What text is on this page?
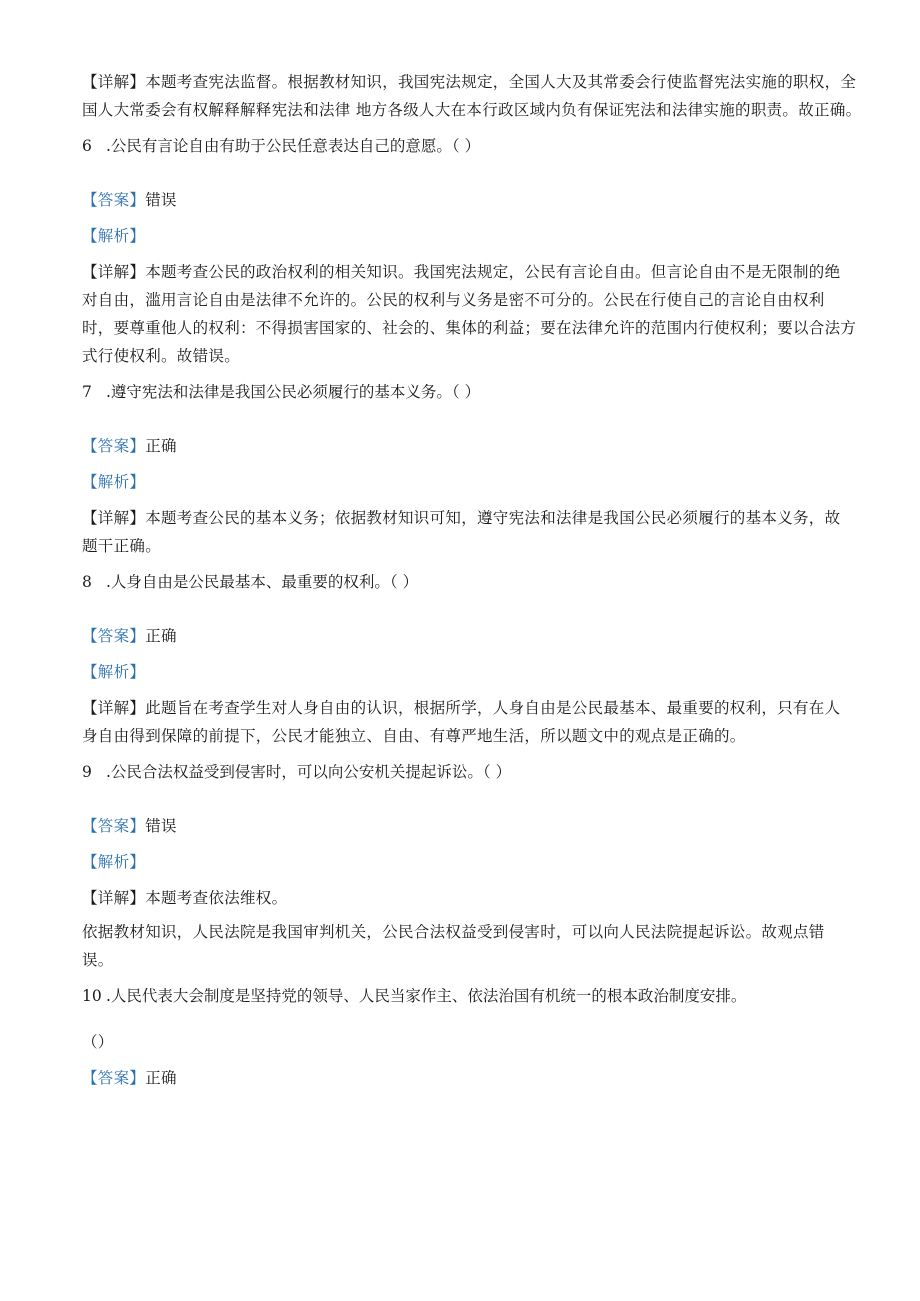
【详解】本题考查宪法监督。根据教材知识，我国宪法规定，全国人大及其常委会行使监督宪法实施的职权，全
国人大常委会有权解释解释宪法和法律 地方各级人大在本行政区域内负有保证宪法和法律实施的职责。故正确。
6 .公民有言论自由有助于公民任意表达自己的意愿。（ ）
【答案】错误
【解析】
【详解】本题考查公民的政治权利的相关知识。我国宪法规定，公民有言论自由。但言论自由不是无限制的绝
对自由，滥用言论自由是法律不允许的。公民的权利与义务是密不可分的。公民在行使自己的言论自由权利
时，要尊重他人的权利：不得损害国家的、社会的、集体的利益；要在法律允许的范围内行使权利；要以合法方
式行使权利。故错误。
7 .遵守宪法和法律是我国公民必须履行的基本义务。（ ）
【答案】正确
【解析】
【详解】本题考查公民的基本义务；依据教材知识可知，遵守宪法和法律是我国公民必须履行的基本义务，故
题干正确。
8 .人身自由是公民最基本、最重要的权利。（ ）
【答案】正确
【解析】
【详解】此题旨在考查学生对人身自由的认识，根据所学，人身自由是公民最基本、最重要的权利，只有在人
身自由得到保障的前提下，公民才能独立、自由、有尊严地生活，所以题文中的观点是正确的。
9 .公民合法权益受到侵害时，可以向公安机关提起诉讼。（ ）
【答案】错误
【解析】
【详解】本题考查依法维权。
依据教材知识，人民法院是我国审判机关，公民合法权益受到侵害时，可以向人民法院提起诉讼。故观点错
误。
10 .人民代表大会制度是坚持党的领导、人民当家作主、依法治国有机统一的根本政治制度安排。
（）
【答案】正确
